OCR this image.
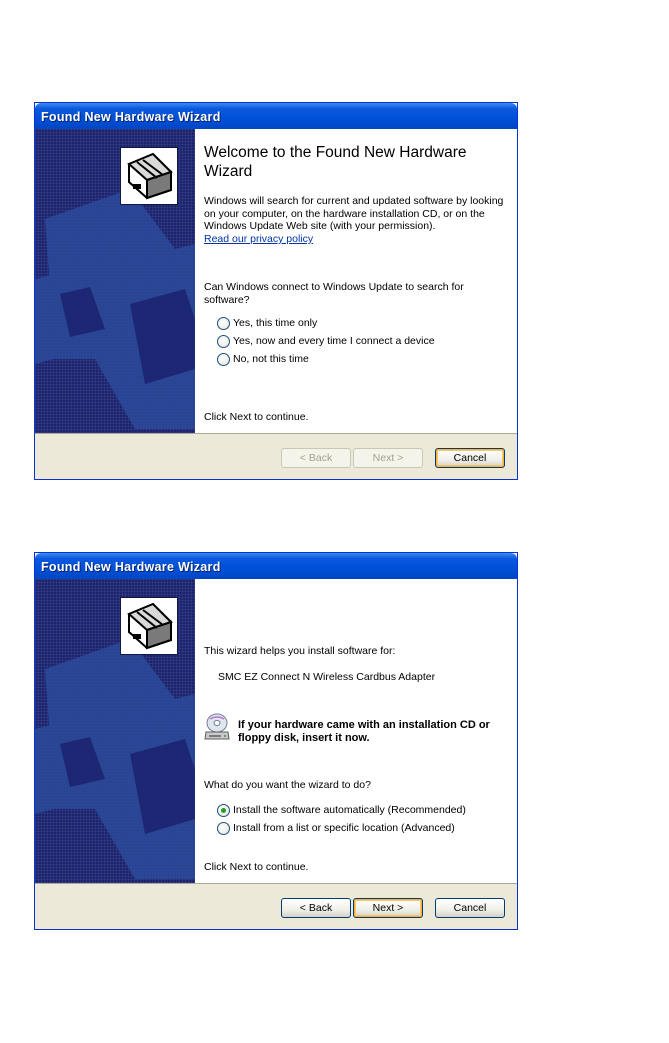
Found New Hardware Wizard
Welcome to the Found New Hardware Wizard
Windows will search for current and updated software by looking on your computer, on the hardware installation CD, or on the Windows Update Web site (with your permission).
Read our privacy policy
Can Windows connect to Windows Update to search for software?
Yes, this time only
Yes, now and every time I connect a device
No, not this time
Click Next to continue.
< Back	Next >	Cancel
Found New Hardware Wizard
This wizard helps you install software for:
SMC EZ Connect N Wireless Cardbus Adapter
If your hardware came with an installation CD or floppy disk, insert it now.
What do you want the wizard to do?
Install the software automatically (Recommended)
Install from a list or specific location (Advanced)
Click Next to continue.
< Back	Next >	Cancel
